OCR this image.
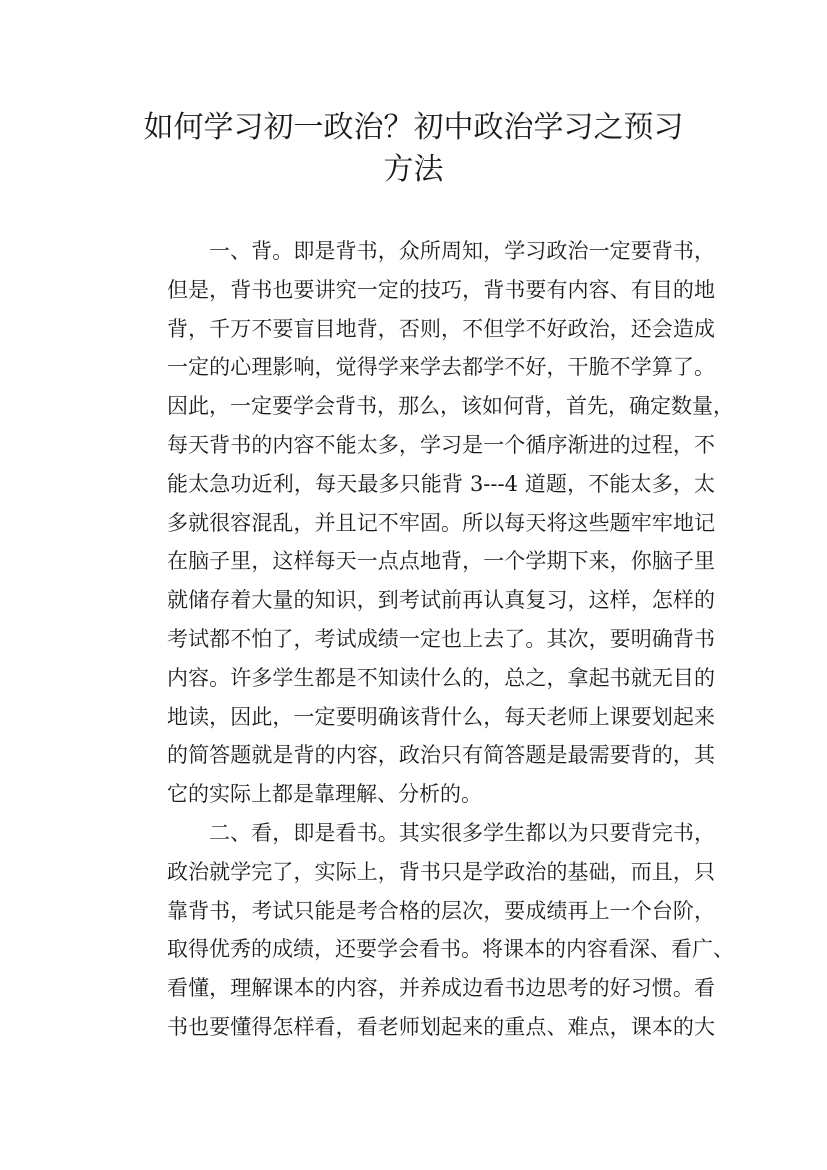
如何学习初一政治？初中政治学习之预习
方法
一、背。即是背书，众所周知，学习政治一定要背书，
但是，背书也要讲究一定的技巧，背书要有内容、有目的地
背，千万不要盲目地背，否则，不但学不好政治，还会造成
一定的心理影响，觉得学来学去都学不好，干脆不学算了。
因此，一定要学会背书，那么，该如何背，首先，确定数量，
每天背书的内容不能太多，学习是一个循序渐进的过程，不
能太急功近利，每天最多只能背 3---4 道题，不能太多，太
多就很容混乱，并且记不牢固。所以每天将这些题牢牢地记
在脑子里，这样每天一点点地背，一个学期下来，你脑子里
就储存着大量的知识，到考试前再认真复习，这样，怎样的
考试都不怕了，考试成绩一定也上去了。其次，要明确背书
内容。许多学生都是不知读什么的，总之，拿起书就无目的
地读，因此，一定要明确该背什么，每天老师上课要划起来
的简答题就是背的内容，政治只有简答题是最需要背的，其
它的实际上都是靠理解、分析的。
二、看，即是看书。其实很多学生都以为只要背完书，
政治就学完了，实际上，背书只是学政治的基础，而且，只
靠背书，考试只能是考合格的层次，要成绩再上一个台阶，
取得优秀的成绩，还要学会看书。将课本的内容看深、看广、
看懂，理解课本的内容，并养成边看书边思考的好习惯。看
书也要懂得怎样看，看老师划起来的重点、难点，课本的大
